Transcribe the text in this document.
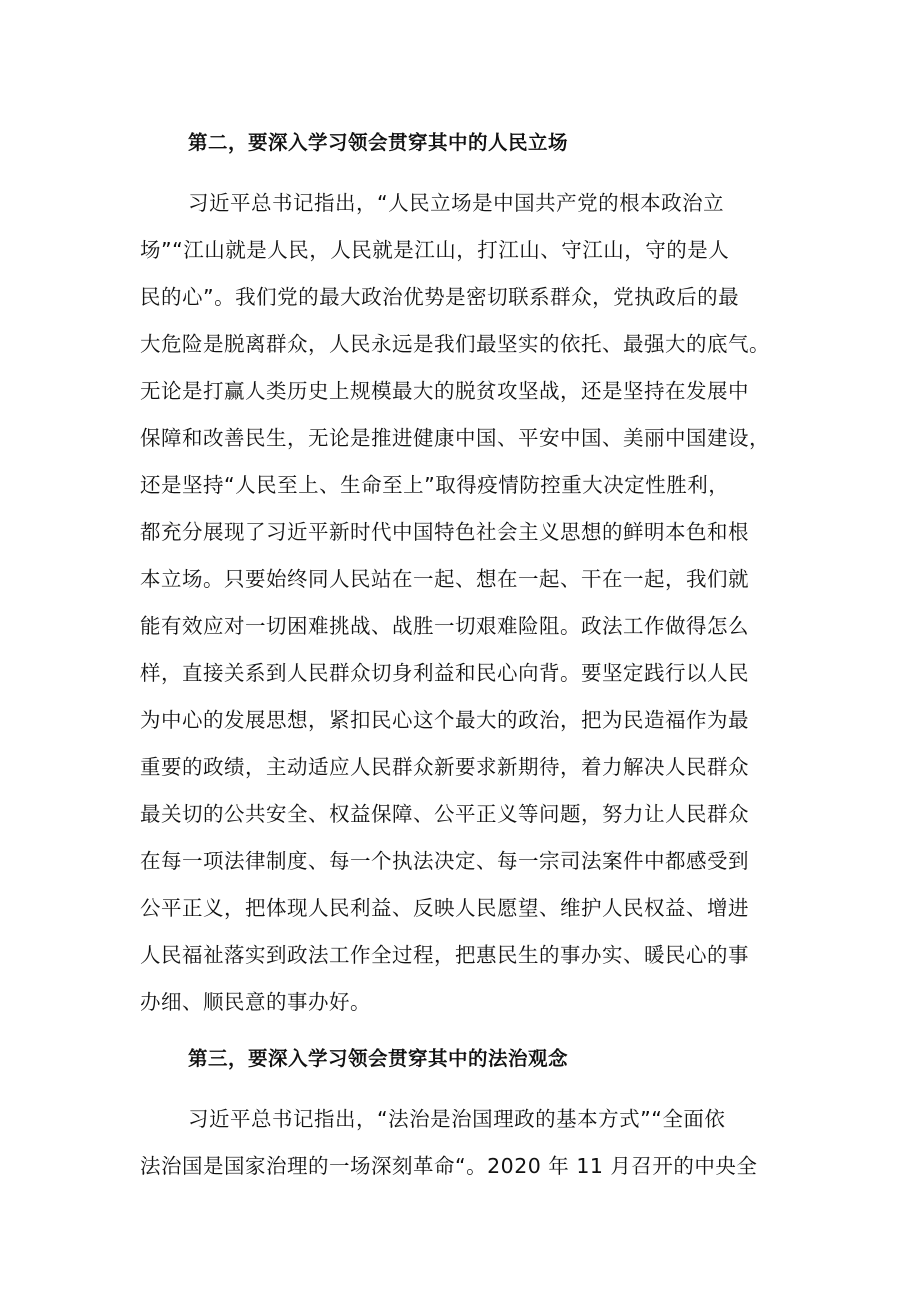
第二，要深入学习领会贯穿其中的人民立场

习近平总书记指出，“人民立场是中国共产党的根本政治立
场”“江山就是人民，人民就是江山，打江山、守江山，守的是人
民的心”。我们党的最大政治优势是密切联系群众，党执政后的最
大危险是脱离群众，人民永远是我们最坚实的依托、最强大的底气。
无论是打赢人类历史上规模最大的脱贫攻坚战，还是坚持在发展中
保障和改善民生，无论是推进健康中国、平安中国、美丽中国建设，
还是坚持“人民至上、生命至上”取得疫情防控重大决定性胜利，
都充分展现了习近平新时代中国特色社会主义思想的鲜明本色和根
本立场。只要始终同人民站在一起、想在一起、干在一起，我们就
能有效应对一切困难挑战、战胜一切艰难险阻。政法工作做得怎么
样，直接关系到人民群众切身利益和民心向背。要坚定践行以人民
为中心的发展思想，紧扣民心这个最大的政治，把为民造福作为最
重要的政绩，主动适应人民群众新要求新期待，着力解决人民群众
最关切的公共安全、权益保障、公平正义等问题，努力让人民群众
在每一项法律制度、每一个执法决定、每一宗司法案件中都感受到
公平正义，把体现人民利益、反映人民愿望、维护人民权益、增进
人民福祉落实到政法工作全过程，把惠民生的事办实、暖民心的事
办细、顺民意的事办好。

第三，要深入学习领会贯穿其中的法治观念

习近平总书记指出，“法治是治国理政的基本方式”“全面依
法治国是国家治理的一场深刻革命“。2020 年 11 月召开的中央全
